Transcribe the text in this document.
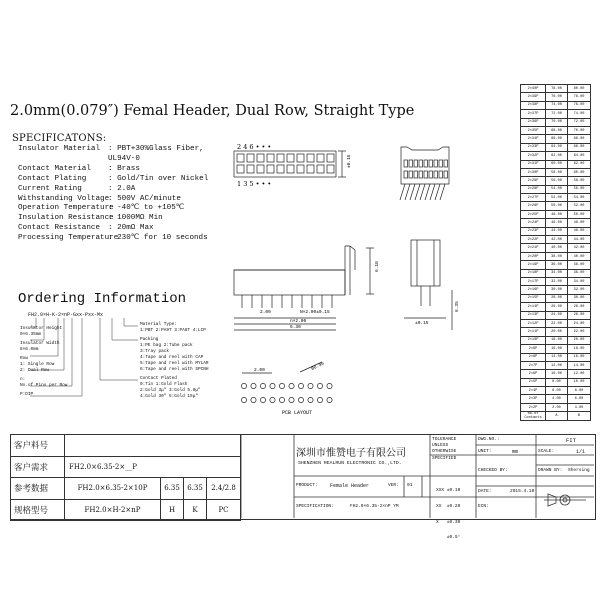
2.0mm(0.079″) Femal Header, Dual Row, Straight Type
SPECIFICATONS:
Insulator Material	: PBT+30%Glass Fiber,
UL94V-0
Contact Material	: Brass
Contact Plating	: Gold/Tin over Nickel
Current Rating	: 2.0A
Withstanding Voltage
: 500V AC/minute
Operation Temperature
: -40℃ to +105℃
Insulation Resistance
: 1000MΩ Min
Contact Resistance	: 20mΩ Max
Processing Temperature
: 230℃ for 10 seconds
Ordering Information
FH2.0×H-K-2×nP-Gxx-Pxx-Mx
Insulator Height
0×6.35mm
Insulator Width
8×6.0mm
Row
1: Single Row
2: Dual Row
n:
No.of Pins per Row
P:DIP
Material Type:
1:PBT 2:PA9T 3:PA6T 4:LCP
Packing
1:PE bag 2:Tube pack
3:Tray pack
4:Tape and reel with CAP
5:Tape and reel with MYLAR
6:Tape and reel with SPCNH
Contact Plated
0:Tin 1:Gold Flash
2:Gold 3μ″ 3:Gold 5.0μ″
4:Gold 30″ 5:Gold 15μ″
2 4 6 • • •
1 3 5 • • •
±0.15
2.00	N×2.00±0.15
n×2.00
6.30
6.10
6.35
±0.15
2.00	Ø0.90
PCB LAYOUT
2×40P	78.00	80.00
2×39P	76.00	78.00
2×38P	74.00	76.00
2×37P	72.00	74.00
2×36P	70.00	72.00
2×35P	68.00	70.00
2×34P	66.00	68.00
2×33P	64.00	66.00
2×32P	62.00	64.00
2×31P	60.00	62.00
2×30P	58.00	60.00
2×29P	56.00	58.00
2×28P	54.00	56.00
2×27P	52.00	54.00
2×26P	50.00	52.00
2×25P	48.00	50.00
2×24P	46.00	48.00
2×23P	44.00	46.00
2×22P	42.00	44.00
2×21P	40.00	42.00
2×20P	38.00	40.00
2×19P	36.00	38.00
2×18P	34.00	36.00
2×17P	32.00	34.00
2×16P	30.00	32.00
2×15P	28.00	30.00
2×14P	26.00	28.00
2×13P	24.00	26.00
2×12P	22.00	24.00
2×11P	20.00	22.00
2×10P	18.00	20.00
2×9P	16.00	18.00
2×8P	14.00	16.00
2×7P	12.00	14.00
2×6P	10.00	12.00
2×5P	8.00	10.00
2×4P	6.00	8.00
2×3P	4.00	6.00
2×2P	2.00	4.00
No.of Contacts	A	B
客户料号				
客户需求	FH2.0×6.35-2×__P			
参考数据	FH2.0×6.35-2×10P	6.35	6.35	2.4/2.8
规格型号	FH2.0×H-2×nP	H	K	PC
深圳市惟赞电子有限公司
SHENZHEN REALRUN ELECTRONIC CO.,LTD.
TOLERANCE
UNLESS
OTHERWISE
SPECIFIED
DWG.NO.:
UNIT:	mm
FIT
SCALE:	1/1
CHECKED BY:	DRAWN BY: Shersing

XXX ±0.10

XX  ±0.20

X   ±0.30

±0.5°

PRODUCT: Female Header	VER: 01
DATE:	2015.4.10
SPECIFICATION:	FH2.0×6.35-2×nP YM	ECN:
